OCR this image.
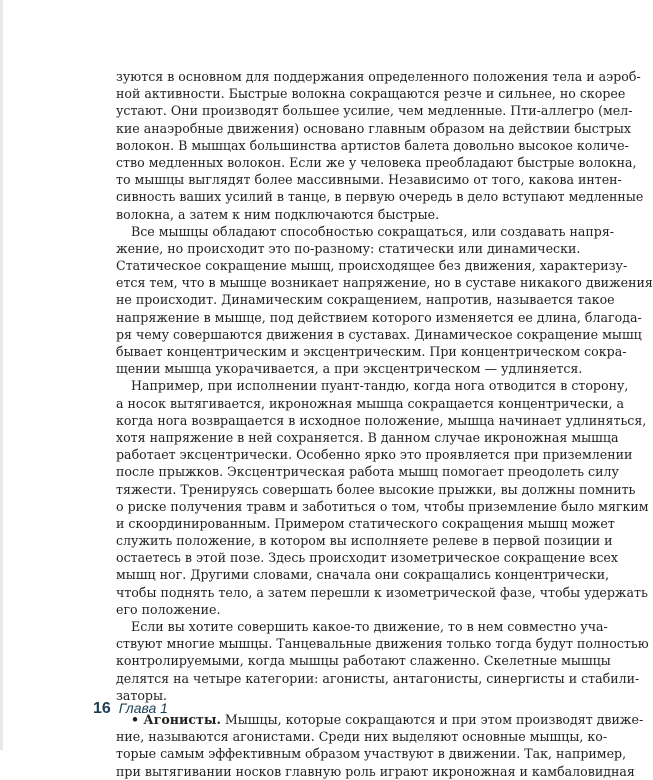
зуются в основном для поддержания определенного положения тела и аэроб-
ной активности. Быстрые волокна сокращаются резче и сильнее, но скорее
устают. Они производят большее усилие, чем медленные. Пти-аллегро (мел-
кие анаэробные движения) основано главным образом на действии быстрых
волокон. В мышцах большинства артистов балета довольно высокое количе-
ство медленных волокон. Если же у человека преобладают быстрые волокна,
то мышцы выглядят более массивными. Независимо от того, какова интен-
сивность ваших усилий в танце, в первую очередь в дело вступают медленные
волокна, а затем к ним подключаются быстрые.
Все мышцы обладают способностью сокращаться, или создавать напря-
жение, но происходит это по-разному: статически или динамически.
Статическое сокращение мышц, происходящее без движения, характеризу-
ется тем, что в мышце возникает напряжение, но в суставе никакого движения
не происходит. Динамическим сокращением, напротив, называется такое
напряжение в мышце, под действием которого изменяется ее длина, благода-
ря чему совершаются движения в суставах. Динамическое сокращение мышц
бывает концентрическим и эксцентрическим. При концентрическом сокра-
щении мышца укорачивается, а при эксцентрическом — удлиняется.
Например, при исполнении пуант-тандю, когда нога отводится в сторону,
а носок вытягивается, икроножная мышца сокращается концентрически, а
когда нога возвращается в исходное положение, мышца начинает удлиняться,
хотя напряжение в ней сохраняется. В данном случае икроножная мышца
работает эксцентрически. Особенно ярко это проявляется при приземлении
после прыжков. Эксцентрическая работа мышц помогает преодолеть силу
тяжести. Тренируясь совершать более высокие прыжки, вы должны помнить
о риске получения травм и заботиться о том, чтобы приземление было мягким
и скоординированным. Примером статического сокращения мышц может
служить положение, в котором вы исполняете релеве в первой позиции и
остаетесь в этой позе. Здесь происходит изометрическое сокращение всех
мышц ног. Другими словами, сначала они сокращались концентрически,
чтобы поднять тело, а затем перешли к изометрической фазе, чтобы удержать
его положение.
Если вы хотите совершить какое-то движение, то в нем совместно уча-
ствуют многие мышцы. Танцевальные движения только тогда будут полностью
контролируемыми, когда мышцы работают слаженно. Скелетные мышцы
делятся на четыре категории: агонисты, антагонисты, синергисты и стабили-
заторы.
• Агонисты. Мышцы, которые сокращаются и при этом производят движе-
ние, называются агонистами. Среди них выделяют основные мышцы, ко-
торые самым эффективным образом участвуют в движении. Так, например,
при вытягивании носков главную роль играют икроножная и камбаловидная
16 Глава 1
